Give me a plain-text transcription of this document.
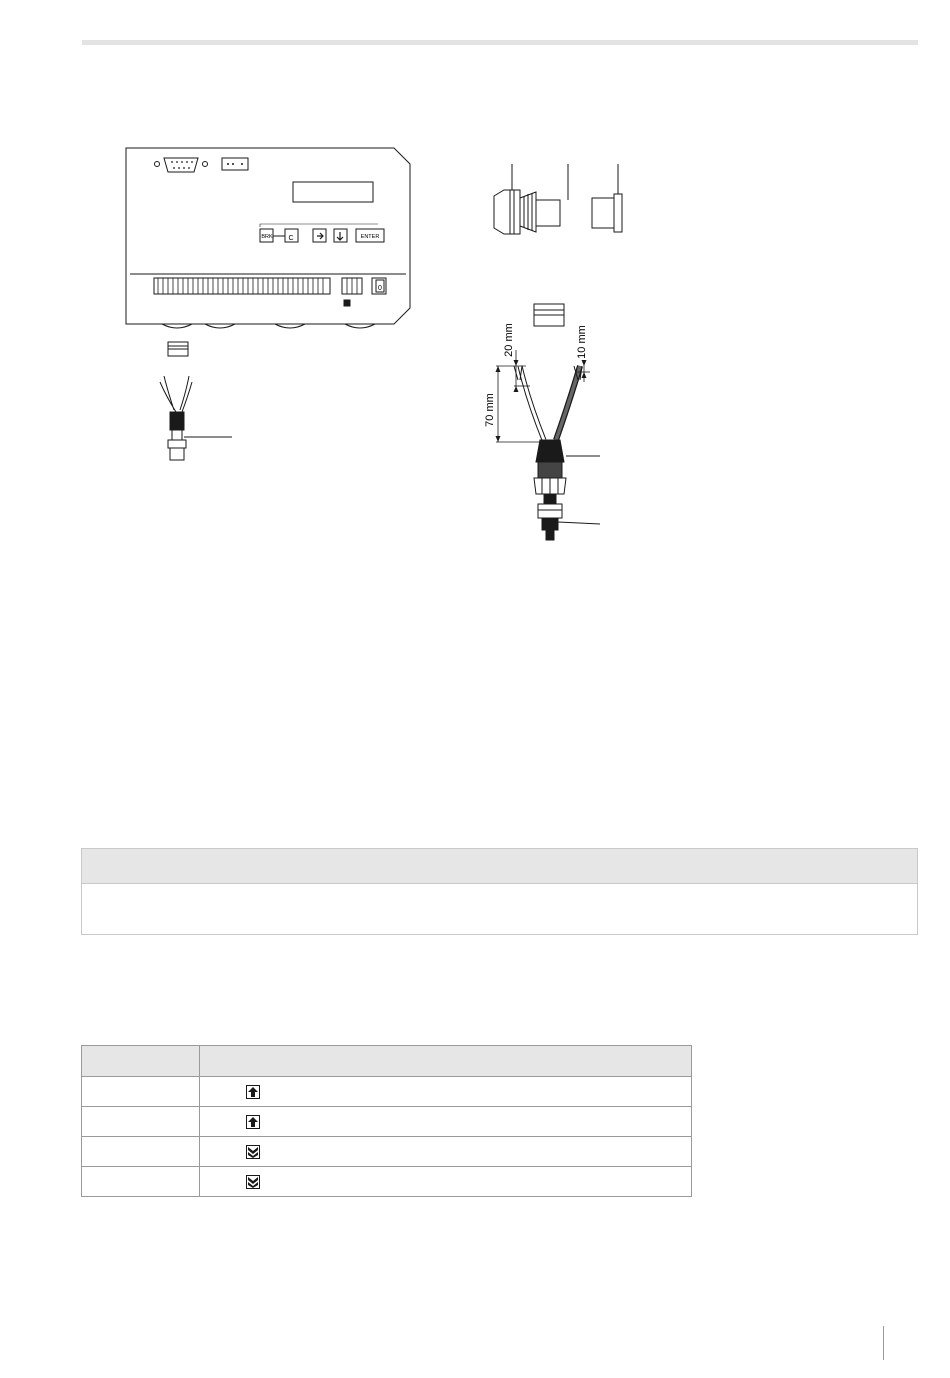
BRK C	ENTER
0
70 mm
20 mm	10 mm
